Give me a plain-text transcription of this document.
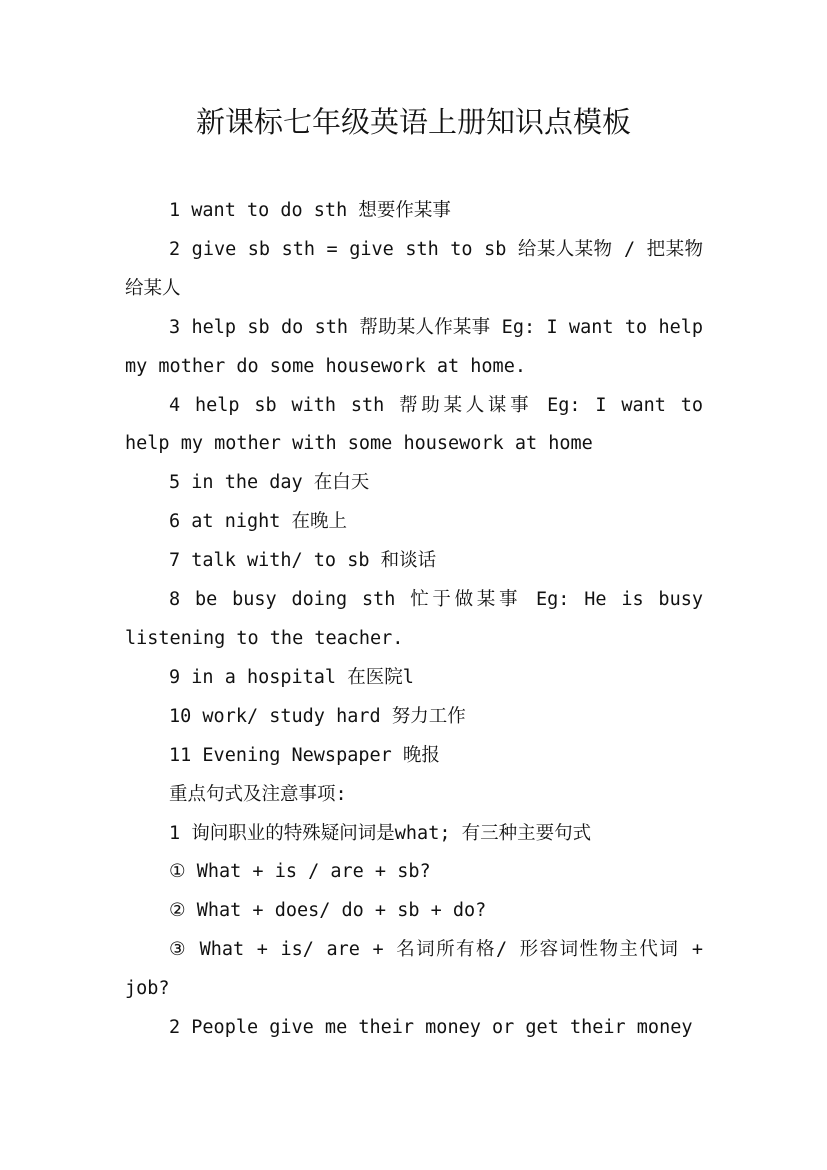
新课标七年级英语上册知识点模板

1 want to do sth 想要作某事

2 give sb sth = give sth to sb 给某人某物 / 把某物给某人

3 help sb do sth 帮助某人作某事 Eg: I want to help my mother do some housework at home.

4 help sb with sth 帮助某人谋事 Eg: I want to help my mother with some housework at home

5 in the day 在白天

6 at night 在晚上

7 talk with/ to sb 和谈话

8 be busy doing sth 忙于做某事 Eg: He is busy listening to the teacher.

9 in a hospital 在医院l

10 work/ study hard 努力工作

11 Evening Newspaper 晚报

重点句式及注意事项:

1 询问职业的特殊疑问词是what; 有三种主要句式

① What + is / are + sb?

② What + does/ do + sb + do?

③ What + is/ are + 名词所有格/ 形容词性物主代词 + job?

2 People give me their money or get their money
